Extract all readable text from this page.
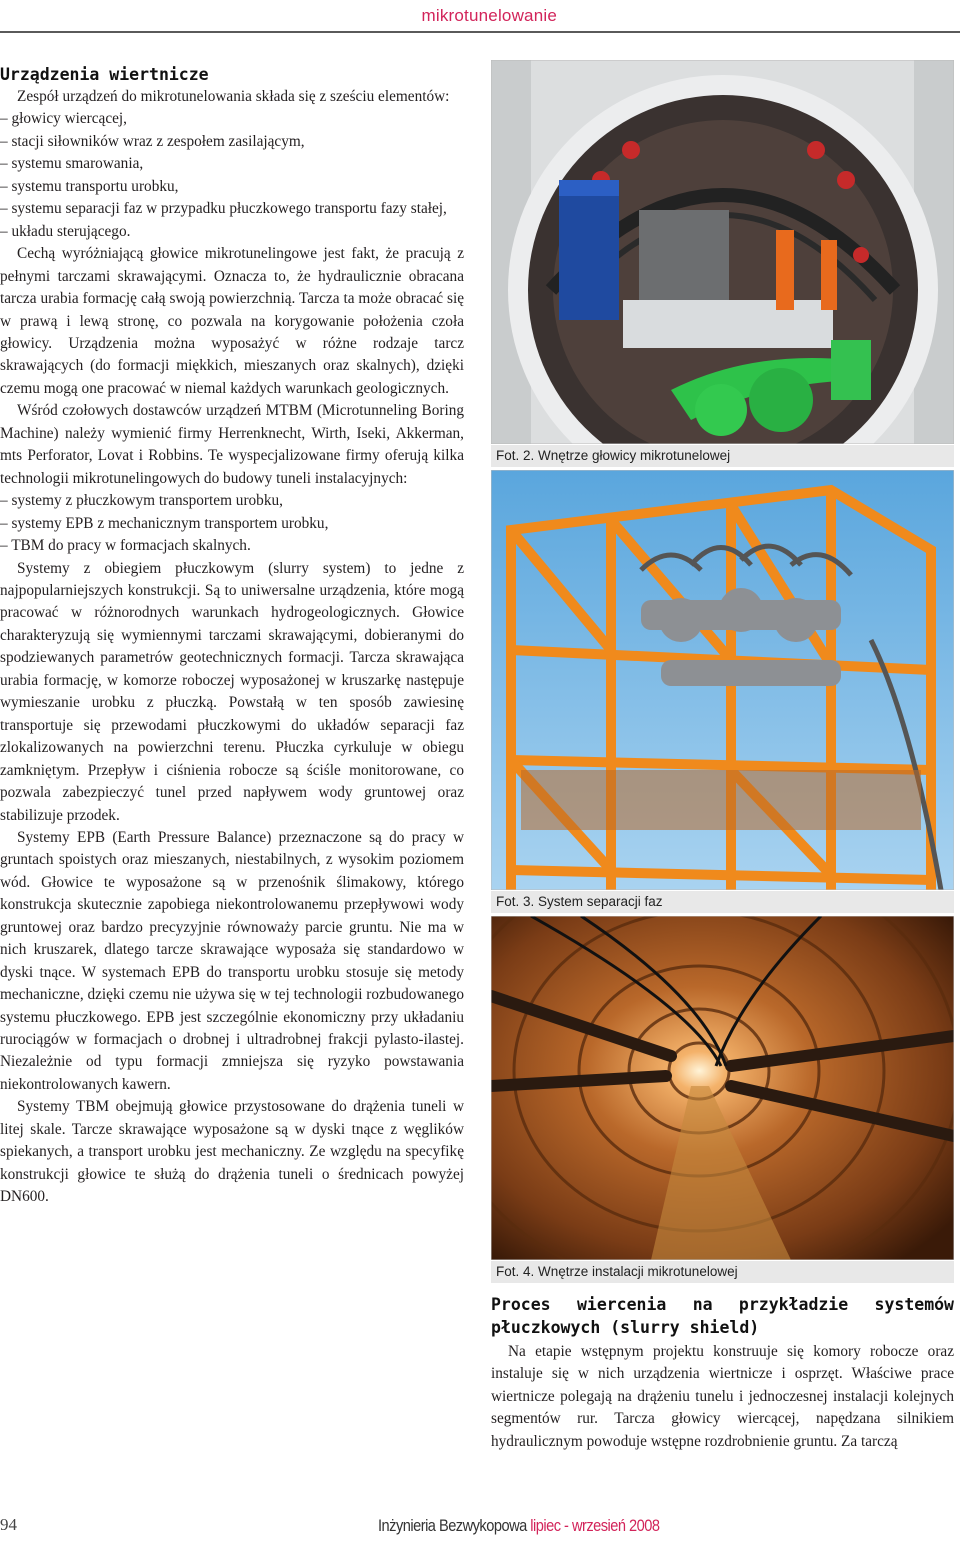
mikrotunelowanie
Urządzenia wiertnicze

Zespół urządzeń do mikrotunelowania składa się z sześciu elementów:

– głowicy wiercącej,
– stacji siłowników wraz z zespołem zasilającym,
– systemu smarowania,
– systemu transportu urobku,
– systemu separacji faz w przypadku płuczkowego transportu fazy stałej,
– układu sterującego.

Cechą wyróżniającą głowice mikrotunelingowe jest fakt, że pracują z pełnymi tarczami skrawającymi. Oznacza to, że hydraulicznie obracana tarcza urabia formację całą swoją powierzchnią. Tarcza ta może obracać się w prawą i lewą stronę, co pozwala na korygowanie położenia czoła głowicy. Urządzenia można wyposażyć w różne rodzaje tarcz skrawających (do formacji miękkich, mieszanych oraz skalnych), dzięki czemu mogą one pracować w niemal każdych warunkach geologicznych.

Wśród czołowych dostawców urządzeń MTBM (Microtunneling Boring Machine) należy wymienić firmy Herrenknecht, Wirth, Iseki, Akkerman, mts Perforator, Lovat i Robbins. Te wyspecjalizowane firmy oferują kilka technologii mikrotunelingowych do budowy tuneli instalacyjnych:

– systemy z płuczkowym transportem urobku,
– systemy EPB z mechanicznym transportem urobku,
– TBM do pracy w formacjach skalnych.

Systemy z obiegiem płuczkowym (slurry system) to jedne z najpopularniejszych konstrukcji. Są to uniwersalne urządzenia, które mogą pracować w różnorodnych warunkach hydrogeologicznych. Głowice charakteryzują się wymiennymi tarczami skrawającymi, dobieranymi do spodziewanych parametrów geotechnicznych formacji. Tarcza skrawająca urabia formację, w komorze roboczej wyposażonej w kruszarkę następuje wymieszanie urobku z płuczką. Powstałą w ten sposób zawiesinę transportuje się przewodami płuczkowymi do układów separacji faz zlokalizowanych na powierzchni terenu. Płuczka cyrkuluje w obiegu zamkniętym. Przepływ i ciśnienia robocze są ściśle monitorowane, co pozwala zabezpieczyć tunel przed napływem wody gruntowej oraz stabilizuje przodek.

Systemy EPB (Earth Pressure Balance) przeznaczone są do pracy w gruntach spoistych oraz mieszanych, niestabilnych, z wysokim poziomem wód. Głowice te wyposażone są w przenośnik ślimakowy, którego konstrukcja skutecznie zapobiega niekontrolowanemu przepływowi wody gruntowej oraz bardzo precyzyjnie równoważy parcie gruntu. Nie ma w nich kruszarek, dlatego tarcze skrawające wyposaża się standardowo w dyski tnące. W systemach EPB do transportu urobku stosuje się metody mechaniczne, dzięki czemu nie używa się w tej technologii rozbudowanego systemu płuczkowego. EPB jest szczególnie ekonomiczny przy układaniu rurociągów w formacjach o drobnej i ultradrobnej frakcji pylasto-ilastej. Niezależnie od typu formacji zmniejsza się ryzyko powstawania niekontrolowanych kawern.

Systemy TBM obejmują głowice przystosowane do drążenia tuneli w litej skale. Tarcze skrawające wyposażone są w dyski tnące z węglików spiekanych, a transport urobku jest mechaniczny. Ze względu na specyfikę konstrukcji głowice te służą do drążenia tuneli o średnicach powyżej DN600.

Fot. 2. Wnętrze głowicy mikrotunelowej
Fot. 3. System separacji faz
Fot. 4. Wnętrze instalacji mikrotunelowej
Proces wiercenia na przykładzie systemów
płuczkowych (slurry shield)

Na etapie wstępnym projektu konstruuje się komory robocze oraz instaluje się w nich urządzenia wiertnicze i osprzęt. Właściwe prace wiertnicze polegają na drążeniu tunelu i jednoczesnej instalacji kolejnych segmentów rur. Tarcza głowicy wiercącej, napędzana silnikiem hydraulicznym powoduje wstępne rozdrobnienie gruntu. Za tarczą

94	Inżynieria Bezwykopowa lipiec - wrzesień 2008
